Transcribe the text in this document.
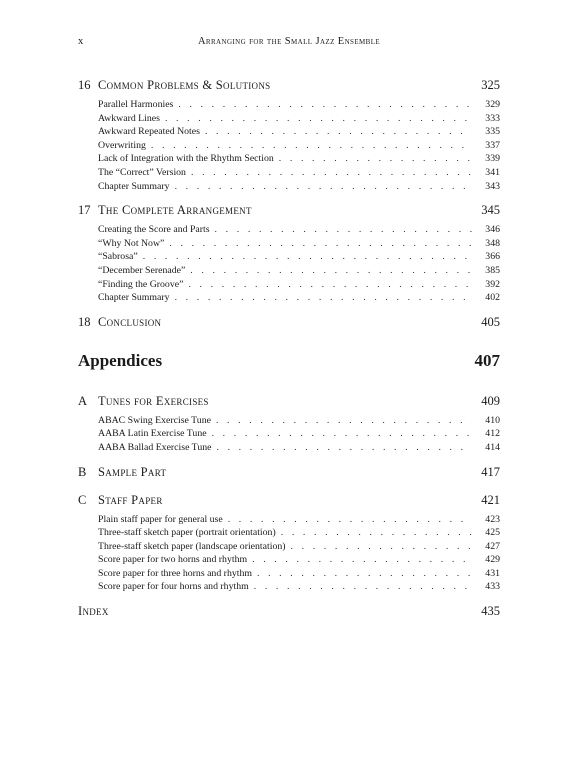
x	Arranging for the Small Jazz Ensemble
16 Common Problems & Solutions	325
Parallel Harmonies . . .	329
Awkward Lines . . .	333
Awkward Repeated Notes . . .	335
Overwriting . . .	337
Lack of Integration with the Rhythm Section . . .	339
The “Correct” Version . . .	341
Chapter Summary . . .	343
17 The Complete Arrangement	345
Creating the Score and Parts . . .	346
“Why Not Now” . . .	348
“Sabrosa” . . .	366
“December Serenade” . . .	385
“Finding the Groove” . . .	392
Chapter Summary . . .	402
18 Conclusion	405
Appendices	407
A Tunes for Exercises	409
ABAC Swing Exercise Tune . . .	410
AABA Latin Exercise Tune . . .	412
AABA Ballad Exercise Tune . . .	414
B Sample Part	417
C Staff Paper	421
Plain staff paper for general use . . .	423
Three-staff sketch paper (portrait orientation) . . .	425
Three-staff sketch paper (landscape orientation) . . .	427
Score paper for two horns and rhythm . . .	429
Score paper for three horns and rhythm . . .	431
Score paper for four horns and rhythm . . .	433
Index	435
